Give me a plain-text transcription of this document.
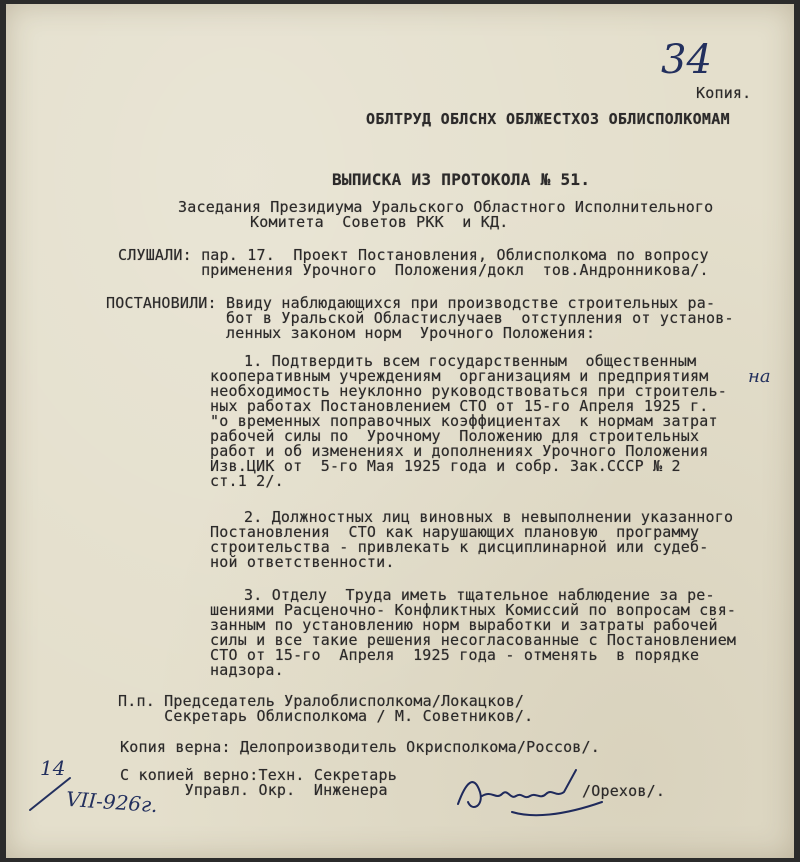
34
Копия.
ОБЛТРУД ОБЛСНХ ОБЛЖЕСТХОЗ ОБЛИСПОЛКОМАМ
ВЫПИСКА ИЗ ПРОТОКОЛА № 51.
Заседания Президиума Уральского Областного Исполнительного
Комитета  Советов РКК  и КД.
СЛУШАЛИ: пар. 17.  Проект Постановления, Облисполкома по вопросу
применения Урочного  Положения/докл  тов.Андронникова/.
ПОСТАНОВИЛИ: Ввиду наблюдающихся при производстве строительных ра-
бот в Уральской Областислучаев  отступления от установ-
ленных законом норм  Урочного Положения:
1. Подтвердить всем государственным  общественным
кооперативным учреждениям  организациям и предприятиям
необходимость неуклонно руководствоваться при строитель-
ных работах Постановлением СТО от 15-го Апреля 1925 г.
"о временных поправочных коэффициентах  к нормам затрат
рабочей силы по  Урочному  Положению для строительных
работ и об изменениях и дополнениях Урочного Положения
Изв.ЦИК от  5-го Мая 1925 года и собр. Зак.СССР № 2
ст.1 2/.
на
2. Должностных лиц виновных в невыполнении указанного
Постановления  СТО как нарушающих плановую  программу
строительства - привлекать к дисциплинарной или судеб-
ной ответственности.
3. Отделу  Труда иметь тщательное наблюдение за ре-
шениями Расценочно- Конфликтных Комиссий по вопросам свя-
занным по установлению норм выработки и затраты рабочей
силы и все такие решения несогласованные с Постановлением
СТО от 15-го  Апреля  1925 года - отменять  в порядке
надзора.
П.п. Председатель Уралоблисполкома/Локацков/
Секретарь Облисполкома / М. Советников/.
Копия верна: Делопроизводитель Окрисполкома/Россов/.
С копией верно:Техн. Секретарь
Управл. Окр.  Инженера	/Орехов/.
14
VII-926г.
